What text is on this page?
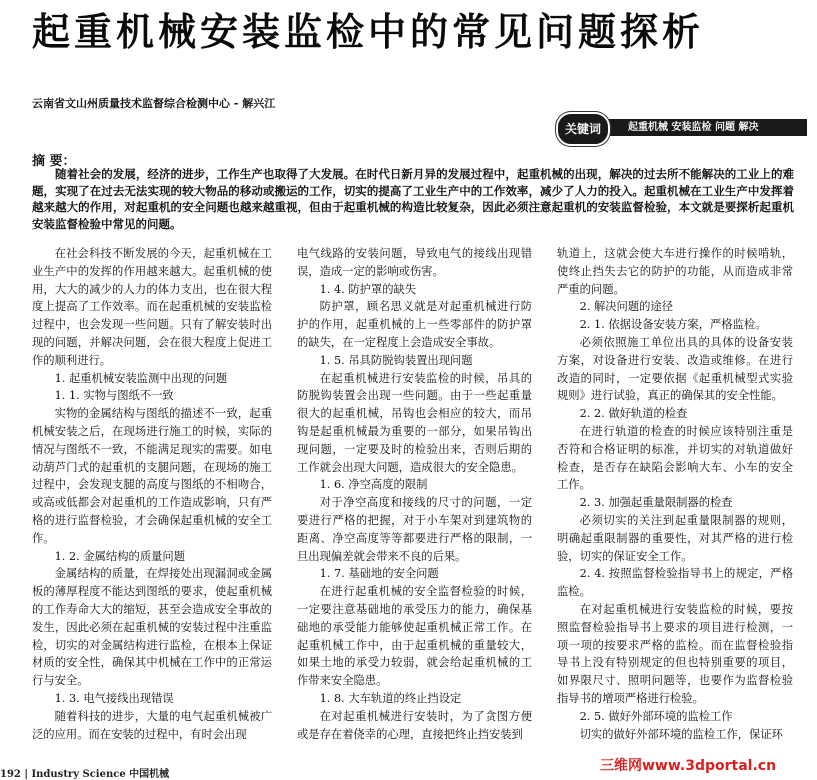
起重机械安装监检中的常见问题探析
云南省文山州质量技术监督综合检测中心 - 解兴江
起重机械 安装监检 问题 解决
关键词
摘 要：
随着社会的发展，经济的进步，工作生产也取得了大发展。在时代日新月异的发展过程中，起重机械的出现，解决的过去所不能解决的工业上的难题，实现了在过去无法实现的较大物品的移动或搬运的工作，切实的提高了工业生产中的工作效率，减少了人力的投入。起重机械在工业生产中发挥着越来越大的作用，对起重机的安全问题也越来越重视，但由于起重机械的构造比较复杂，因此必须注意起重机的安装监督检验，本文就是要探析起重机安装监督检验中常见的问题。

在社会科技不断发展的今天，起重机械在工业生产中的发挥的作用越来越大。起重机械的使用，大大的减少的人力的体力支出，也在很大程度上提高了工作效率。而在起重机械的安装监检过程中，也会发现一些问题。只有了解安装时出现的问题，并解决问题，会在很大程度上促进工作的顺利进行。

1. 起重机械安装监测中出现的问题

1. 1. 实物与图纸不一致

实物的金属结构与图纸的描述不一致，起重机械安装之后，在现场进行施工的时候，实际的情况与图纸不一致，不能满足现实的需要。如电动葫芦门式的起重机的支腿问题，在现场的施工过程中，会发现支腿的高度与图纸的不相吻合，或高或低都会对起重机的工作造成影响，只有严格的进行监督检验，才会确保起重机械的安全工作。

1. 2. 金属结构的质量问题

金属结构的质量，在焊接处出现漏洞或金属板的薄厚程度不能达到图纸的要求，使起重机械的工作寿命大大的缩短，甚至会造成安全事故的发生，因此必须在起重机械的安装过程中注重监检，切实的对金属结构进行监检，在根本上保证材质的安全性，确保其中机械在工作中的正常运行与安全。

1. 3. 电气接线出现错误

随着科技的进步，大量的电气起重机械被广泛的应用。而在安装的过程中，有时会出现

电气线路的安装问题，导致电气的接线出现错误，造成一定的影响或伤害。

1. 4. 防护罩的缺失

防护罩，顾名思义就是对起重机械进行防护的作用，起重机械的上一些零部件的防护罩的缺失，在一定程度上会造成安全事故。

1. 5. 吊具防脱钩装置出现问题

在起重机械进行安装监检的时候，吊具的防脱钩装置会出现一些问题。由于一些起重量很大的起重机械，吊钩也会相应的较大，而吊钩是起重机械最为重要的一部分，如果吊钩出现问题，一定要及时的检验出来，否则后期的工作就会出现大问题，造成很大的安全隐患。

1. 6. 净空高度的限制

对于净空高度和接线的尺寸的问题，一定要进行严格的把握，对于小车架对到建筑物的距离、净空高度等等都要进行严格的限制，一旦出现偏差就会带来不良的后果。

1. 7. 基础地的安全问题

在进行起重机械的安全监督检验的时候，一定要注意基础地的承受压力的能力，确保基础地的承受能力能够使起重机械正常工作。在起重机械工作中，由于起重机械的重量较大，如果土地的承受力较弱，就会给起重机械的工作带来安全隐患。

1. 8. 大车轨道的终止挡设定

在对起重机械进行安装时，为了贪图方便或是存在着侥幸的心理，直接把终止挡安装到

轨道上，这就会使大车进行操作的时候啃轨，使终止挡失去它的防护的功能，从而造成非常严重的问题。

2. 解决问题的途径

2. 1. 依据设备安装方案，严格监检。

必须依照施工单位出具的具体的设备安装方案，对设备进行安装、改造或维修。在进行改造的同时，一定要依据《起重机械型式实验规则》进行试验，真正的确保其的安全性能。

2. 2. 做好轨道的检查

在进行轨道的检查的时候应该特别注重是否符和合格证明的标准，并切实的对轨道做好检查，是否存在缺陷会影响大车、小车的安全工作。

2. 3. 加强起重量限制器的检查

必须切实的关注到起重量限制器的规则，明确起重限制器的重要性，对其严格的进行检验，切实的保证安全工作。

2. 4. 按照监督检验指导书上的规定，严格监检。

在对起重机械进行安装监检的时候，要按照监督检验指导书上要求的项目进行检测，一项一项的按要求严格的监检。而在监督检验指导书上没有特别规定的但也特别重要的项目，如界限尺寸、照明问题等，也要作为监督检验指导书的增项严格进行检验。

2. 5. 做好外部环境的监检工作

切实的做好外部环境的监检工作，保证环

192 | Industry Science 中国机械
三维网www.3dportal.cn
